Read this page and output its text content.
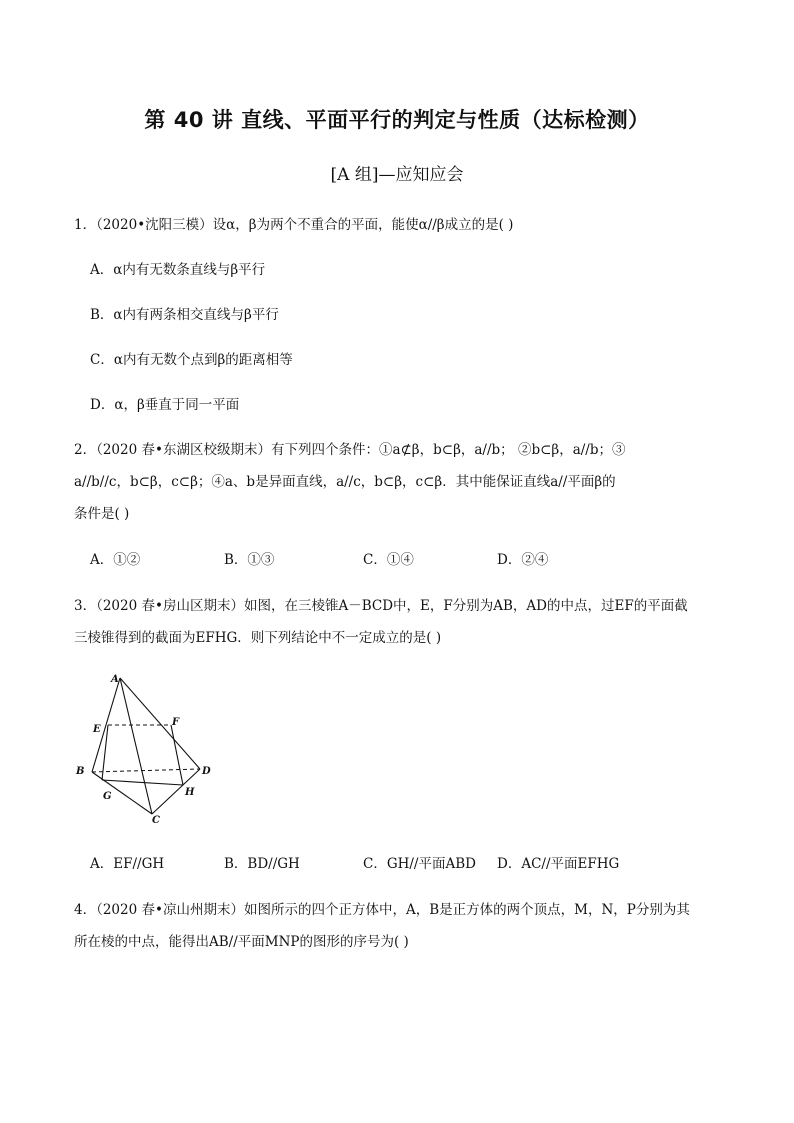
第 40 讲 直线、平面平行的判定与性质（达标检测）
[A 组]—应知应会
1．（2020•沈阳三模）设α，β为两个不重合的平面，能使α//β成立的是( )
A．α内有无数条直线与β平行
B．α内有两条相交直线与β平行
C．α内有无数个点到β的距离相等
D．α，β垂直于同一平面
2．（2020 春•东湖区校级期末）有下列四个条件：①a⊄β，b⊂β，a//b； ②b⊂β，a//b；③
a//b//c，b⊂β，c⊂β；④a、b是异面直线，a//c，b⊂β，c⊂β．其中能保证直线a//平面β的
条件是( )
A．①②	B．①③	C．①④	D．②④
3．（2020 春•房山区期末）如图，在三棱锥A－BCD中，E，F分别为AB，AD的中点，过EF的平面截
三棱锥得到的截面为EFHG．则下列结论中不一定成立的是( )
A
E
F
B	D
G	H
C
A．EF//GH	B．BD//GH	C．GH//平面ABD D．AC//平面EFHG
4．（2020 春•凉山州期末）如图所示的四个正方体中，A，B是正方体的两个顶点，M，N，P分别为其
所在棱的中点，能得出AB//平面MNP的图形的序号为( )
